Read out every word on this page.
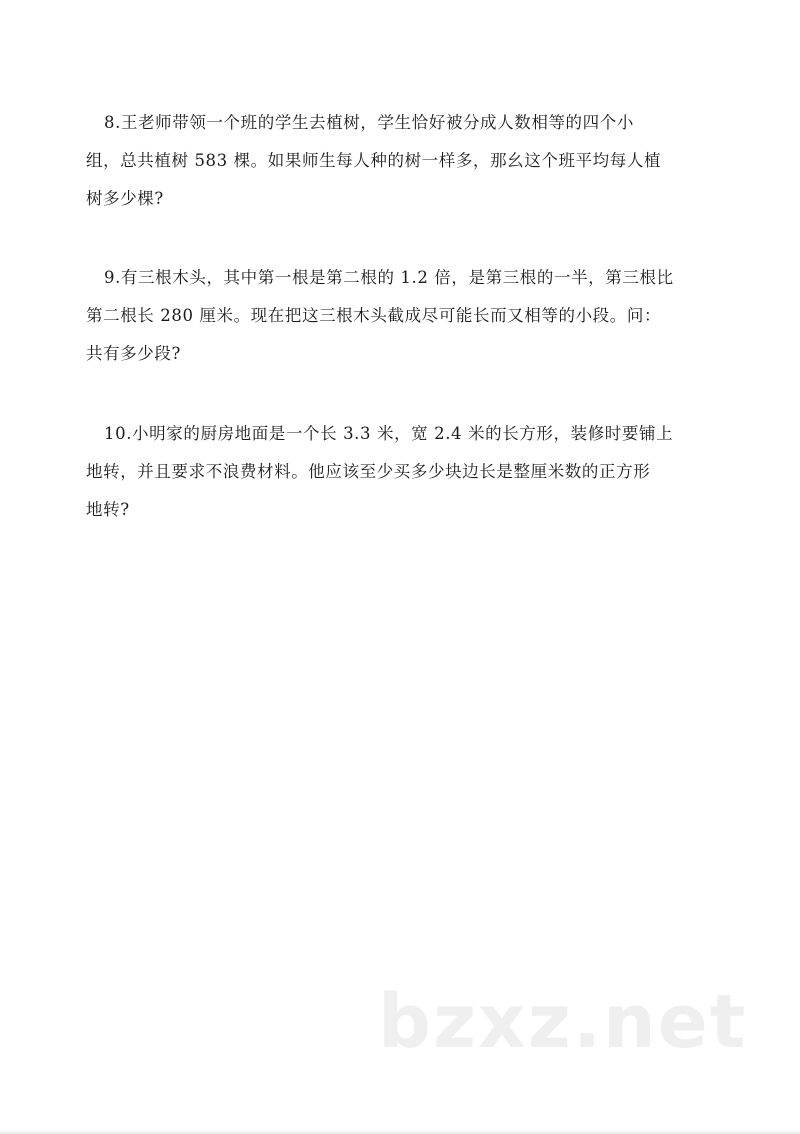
8.王老师带领一个班的学生去植树，学生恰好被分成人数相等的四个小
组，总共植树 583 棵。如果师生每人种的树一样多，那幺这个班平均每人植
树多少棵?
9.有三根木头，其中第一根是第二根的 1.2 倍，是第三根的一半，第三根比
第二根长 280 厘米。现在把这三根木头截成尽可能长而又相等的小段。问：
共有多少段?
10.小明家的厨房地面是一个长 3.3 米，宽 2.4 米的长方形，装修时要铺上
地转，并且要求不浪费材料。他应该至少买多少块边长是整厘米数的正方形
地转?
bzxz.net
